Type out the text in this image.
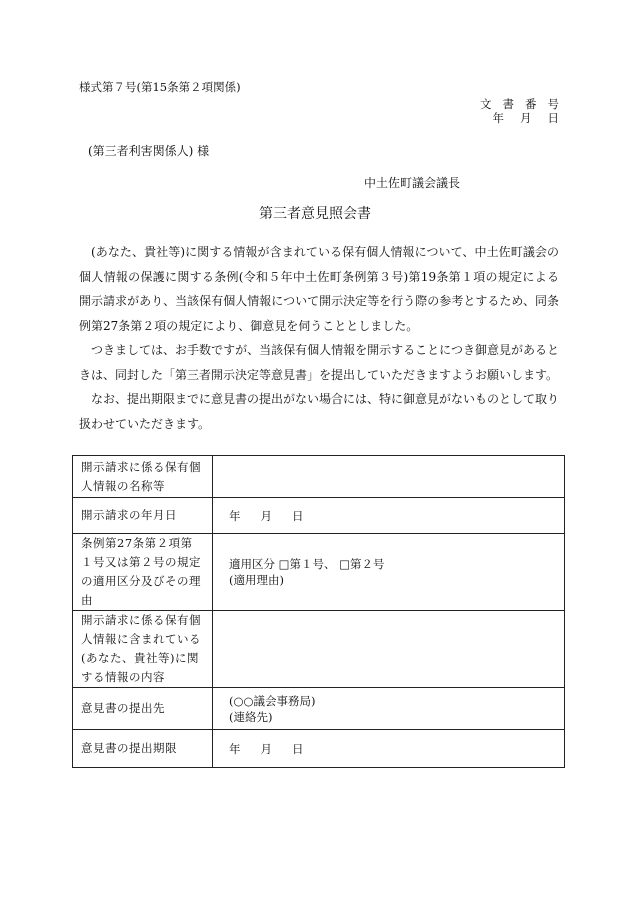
様式第７号(第15条第２項関係)
文書番号
年 月 日
(第三者利害関係人) 様
中土佐町議会議長
第三者意見照会書

(あなた、貴社等)に関する情報が含まれている保有個人情報について、中土佐町議会の個人情報の保護に関する条例(令和５年中土佐町条例第３号)第19条第１項の規定による開示請求があり、当該保有個人情報について開示決定等を行う際の参考とするため、同条例第27条第２項の規定により、御意見を伺うこととしました。

つきましては、お手数ですが、当該保有個人情報を開示することにつき御意見があるときは、同封した「第三者開示決定等意見書」を提出していただきますようお願いします。

なお、提出期限までに意見書の提出がない場合には、特に御意見がないものとして取り扱わせていただきます。

開示請求に係る保有個人情報の名称等	
開示請求の年月日	年 月 日
条例第27条第２項第１号又は第２号の規定の適用区分及びその理由	適用区分 □第１号、 □第２号
(適用理由)

開示請求に係る保有個人情報に含まれている(あなた、貴社等)に関する情報の内容	
意見書の提出先	(○○議会事務局)
(連絡先)

意見書の提出期限	年 月 日
